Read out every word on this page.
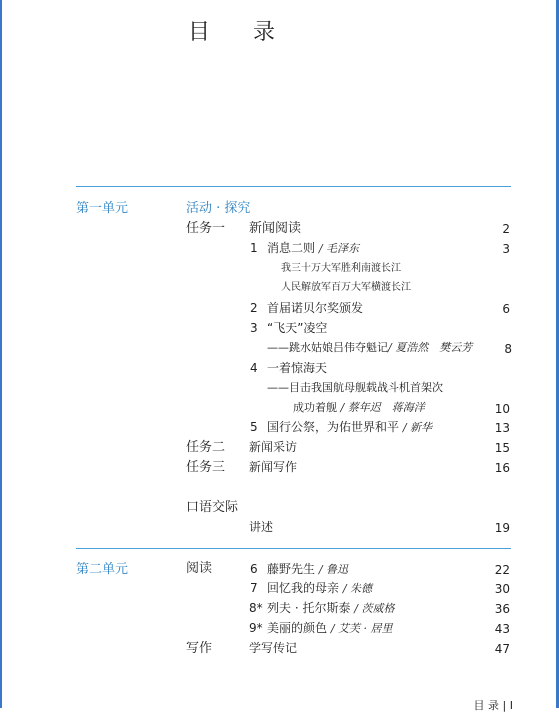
目 录
第一单元	活动 · 探究
任务一 新闻阅读	2
1 消息二则 / 毛泽东	3
我三十万大军胜利南渡长江
人民解放军百万大军横渡长江
2 首届诺贝尔奖颁发	6
3 “飞天”凌空
——跳水姑娘吕伟夺魁记/ 夏浩然　樊云芳	8
4 一着惊海天
——目击我国航母舰载战斗机首架次
成功着舰 / 蔡年迟　蒋海洋	10
5 国行公祭，为佑世界和平 / 新华	13
任务二 新闻采访	15
任务三 新闻写作	16
口语交际
讲述	19
第二单元	阅读	6 藤野先生 / 鲁迅	22
7 回忆我的母亲 / 朱德	30
8* 列夫 · 托尔斯泰 / 茨威格	36
9* 美丽的颜色 / 艾芙 · 居里	43
写作	学写传记	47
目 录 | I
